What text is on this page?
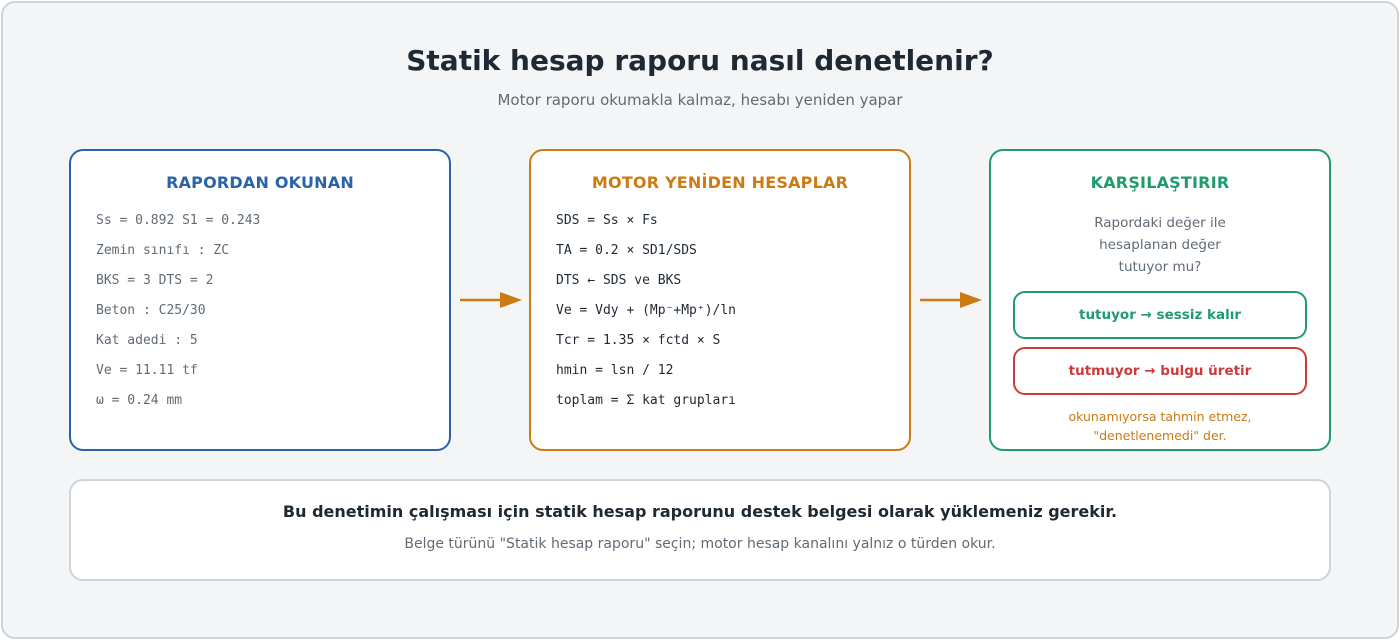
Statik hesap raporu nasıl denetlenir?
Motor raporu okumakla kalmaz, hesabı yeniden yapar
RAPORDAN OKUNAN
Ss = 0.892 S1 = 0.243
Zemin sınıfı : ZC
BKS = 3 DTS = 2
Beton : C25/30
Kat adedi : 5
Ve = 11.11 tf
ω = 0.24 mm
MOTOR YENİDEN HESAPLAR
SDS = Ss × Fs
TA = 0.2 × SD1/SDS
DTS ← SDS ve BKS
Ve = Vdy + (Mp⁻+Mp⁺)/ln
Tcr = 1.35 × fctd × S
hmin = lsn / 12
toplam = Σ kat grupları
KARŞILAŞTIRIR
Rapordaki değer ile
hesaplanan değer
tutuyor mu?
tutuyor → sessiz kalır
tutmuyor → bulgu üretir
okunamıyorsa tahmin etmez,
"denetlenemedi" der.
Bu denetimin çalışması için statik hesap raporunu destek belgesi olarak yüklemeniz gerekir.
Belge türünü "Statik hesap raporu" seçin; motor hesap kanalını yalnız o türden okur.
